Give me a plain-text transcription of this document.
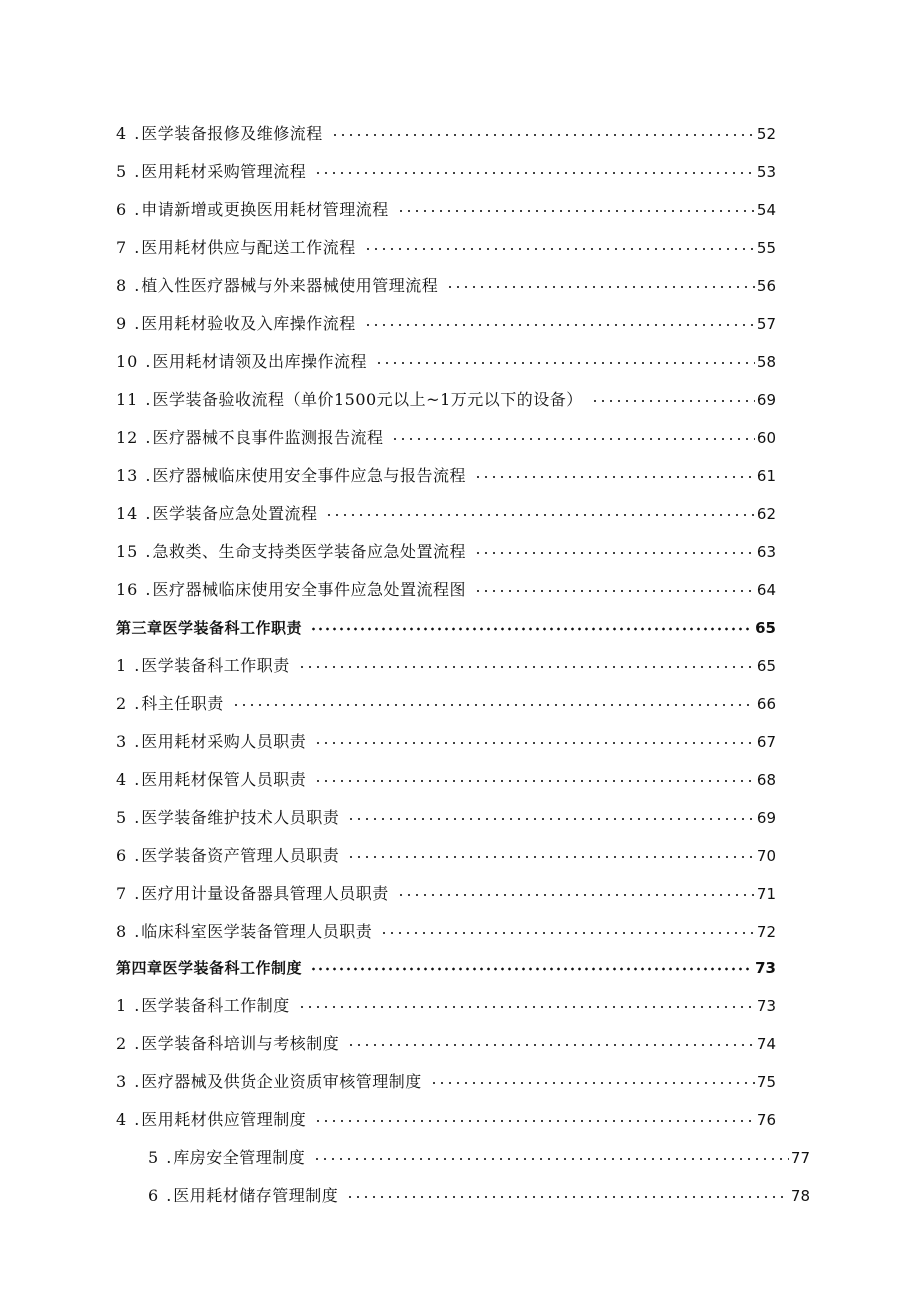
4 . 医学装备报修及维修流程	52
5 . 医用耗材采购管理流程	53
6 . 申请新增或更换医用耗材管理流程	54
7 . 医用耗材供应与配送工作流程	55
8 . 植入性医疗器械与外来器械使用管理流程	56
9 . 医用耗材验收及入库操作流程	57
10 . 医用耗材请领及出库操作流程	58
11 . 医学装备验收流程（单价1500元以上~1万元以下的设备）	69
12 . 医疗器械不良事件监测报告流程	60
13 . 医疗器械临床使用安全事件应急与报告流程	61
14 . 医学装备应急处置流程	62
15 . 急救类、生命支持类医学装备应急处置流程	63
16 . 医疗器械临床使用安全事件应急处置流程图	64
第三章医学装备科工作职责	65
1 . 医学装备科工作职责	65
2 . 科主任职责	66
3 . 医用耗材采购人员职责	67
4 . 医用耗材保管人员职责	68
5 . 医学装备维护技术人员职责	69
6 . 医学装备资产管理人员职责	70
7 . 医疗用计量设备器具管理人员职责	71
8 . 临床科室医学装备管理人员职责	72
第四章医学装备科工作制度	73
1 . 医学装备科工作制度	73
2 . 医学装备科培训与考核制度	74
3 . 医疗器械及供货企业资质审核管理制度	75
4 . 医用耗材供应管理制度	76
5 . 库房安全管理制度	77
6 . 医用耗材储存管理制度	78
